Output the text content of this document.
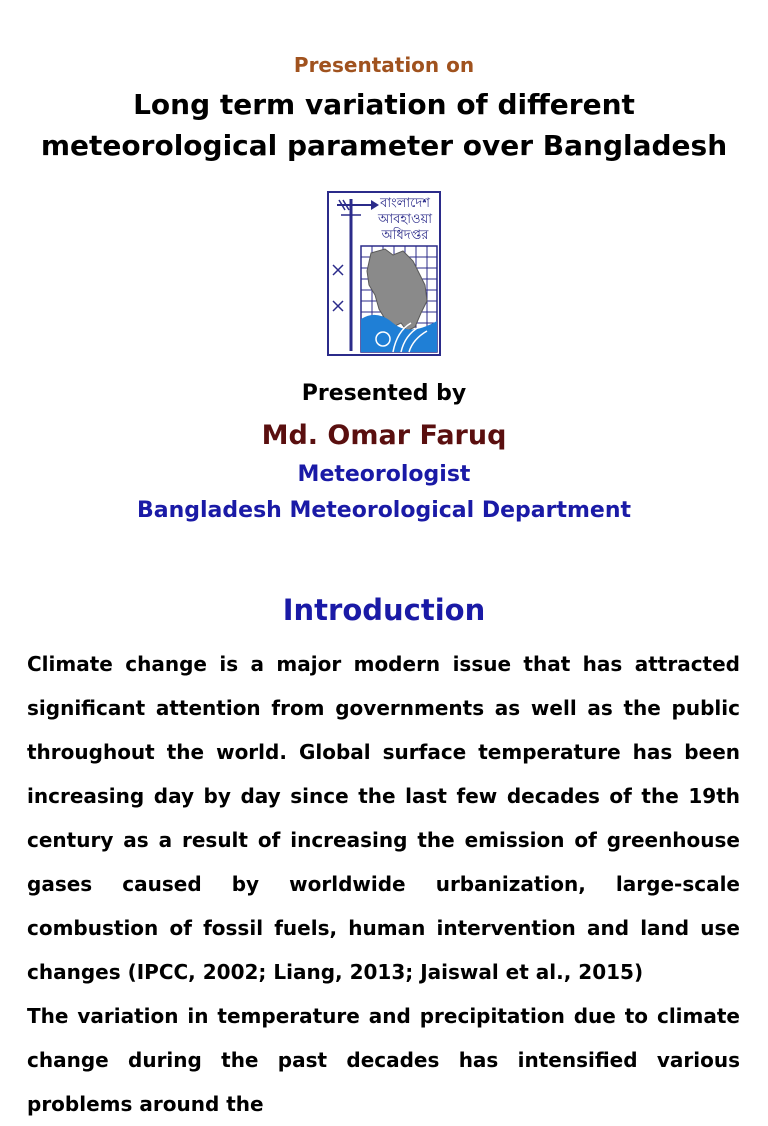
Presentation on
Long term variation of different meteorological parameter over Bangladesh
বাংলাদেশ
আবহাওয়া
অধিদপ্তর
Presented by
Md. Omar Faruq
Meteorologist
Bangladesh Meteorological Department
Introduction

Climate change is a major modern issue that has attracted significant attention from governments as well as the public throughout the world. Global surface temperature has been increasing day by day since the last few decades of the 19th century as a result of increasing the emission of greenhouse gases caused by worldwide urbanization, large-scale combustion of fossil fuels, human intervention and land use changes (IPCC, 2002; Liang, 2013; Jaiswal et al., 2015)

The variation in temperature and precipitation due to climate change during the past decades has intensified various problems around the
